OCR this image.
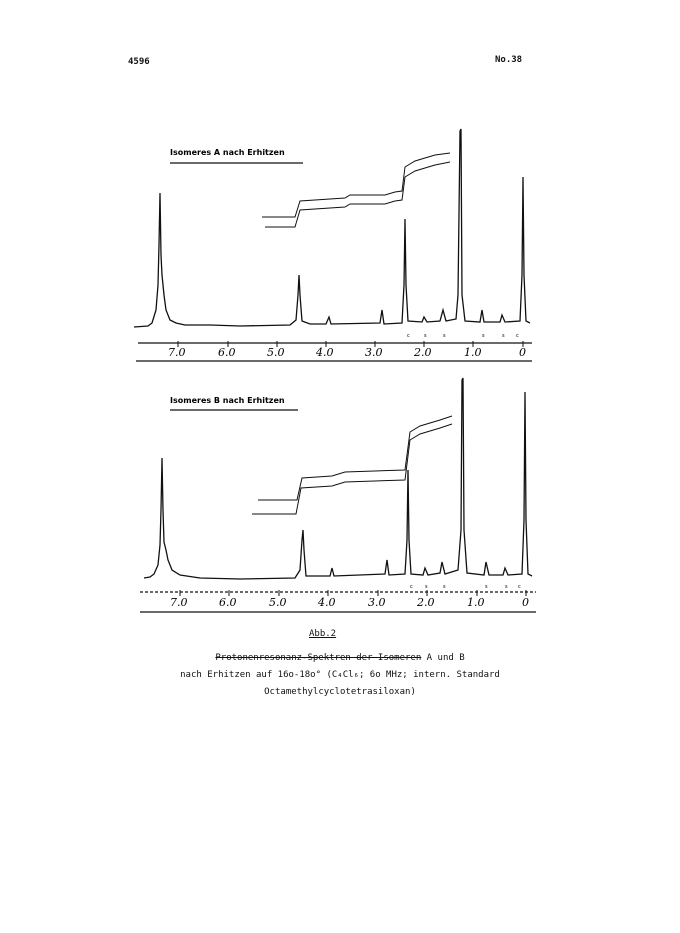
4596	No.38
Isomeres A nach Erhitzen
c	s	s	s	s c
7.0	6.0	5.0	4.0	3.0	2.0	1.0	0
Isomeres B nach Erhitzen
c s	s	s	s c
7.0	6.0	5.0	4.0	3.0	2.0	1.0	0
Abb.2
Protonenresonanz-Spektren der Isomeren A und B
nach Erhitzen auf 16o-18o° (C₄Cl₆; 6o MHz; intern. Standard
Octamethylcyclotetrasiloxan)
